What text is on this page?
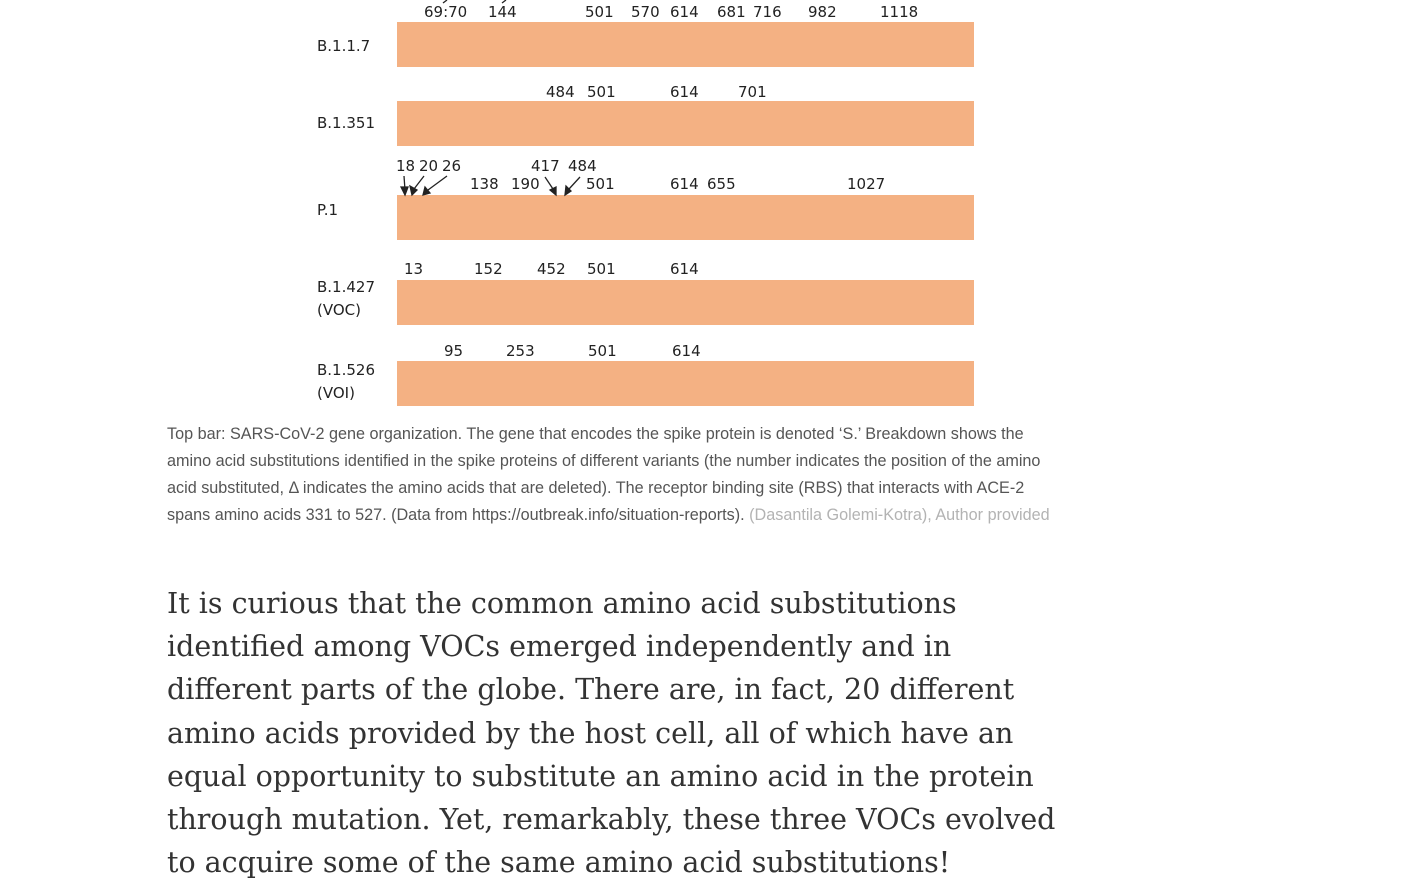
B.1.1.7
69:70 144	501 570 614 681 716 982	1118
B.1.351
484 501	614	701
P.1
18 20 26	417 484
138 190	501	614 655	1027
B.1.427
(VOC)
13	152 452 501	614
B.1.526
(VOI)
95	253	501	614

Top bar: SARS-CoV-2 gene organization. The gene that encodes the spike protein is denoted ‘S.’ Breakdown shows the amino acid substitutions identified in the spike proteins of different variants (the number indicates the position of the amino acid substituted, Δ indicates the amino acids that are deleted). The receptor binding site (RBS) that interacts with ACE-2 spans amino acids 331 to 527. (Data from https://outbreak.info/situation-reports). (Dasantila Golemi-Kotra), Author provided

It is curious that the common amino acid substitutions identified among VOCs emerged independently and in different parts of the globe. There are, in fact, 20 different amino acids provided by the host cell, all of which have an equal opportunity to substitute an amino acid in the protein through mutation. Yet, remarkably, these three VOCs evolved to acquire some of the same amino acid substitutions!
